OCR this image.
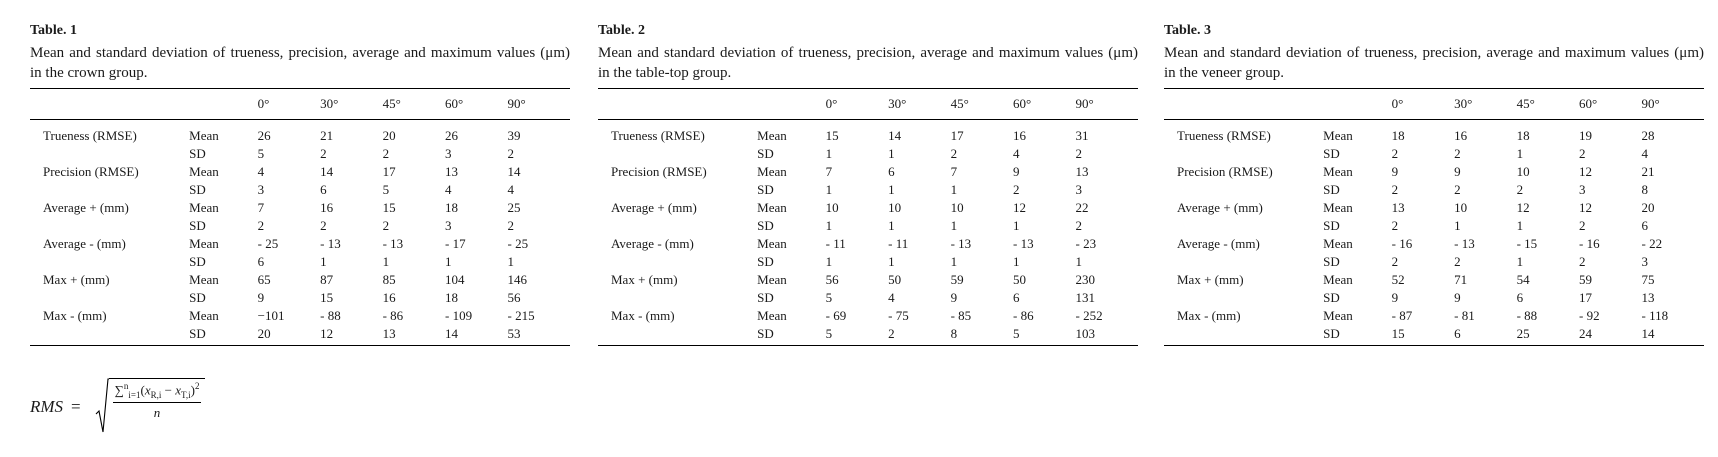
Table. 1
Mean and standard deviation of trueness, precision, average and maximum values (μm) in the crown group.
		0°	30°	45°	60°	90°
Trueness (RMSE)	Mean	26	21	20	26	39
	SD	5	2	2	3	2
Precision (RMSE)	Mean	4	14	17	13	14
	SD	3	6	5	4	4
Average + (mm)	Mean	7	16	15	18	25
	SD	2	2	2	3	2
Average - (mm)	Mean	- 25	- 13	- 13	- 17	- 25
	SD	6	1	1	1	1
Max + (mm)	Mean	65	87	85	104	146
	SD	9	15	16	18	56
Max - (mm)	Mean	−101	- 88	- 86	- 109	- 215
	SD	20	12	13	14	53
Table. 2
Mean and standard deviation of trueness, precision, average and maximum values (μm) in the table-top group.
		0°	30°	45°	60°	90°
Trueness (RMSE)	Mean	15	14	17	16	31
	SD	1	1	2	4	2
Precision (RMSE)	Mean	7	6	7	9	13
	SD	1	1	1	2	3
Average + (mm)	Mean	10	10	10	12	22
	SD	1	1	1	1	2
Average - (mm)	Mean	- 11	- 11	- 13	- 13	- 23
	SD	1	1	1	1	1
Max + (mm)	Mean	56	50	59	50	230
	SD	5	4	9	6	131
Max - (mm)	Mean	- 69	- 75	- 85	- 86	- 252
	SD	5	2	8	5	103
Table. 3
Mean and standard deviation of trueness, precision, average and maximum values (μm) in the veneer group.
		0°	30°	45°	60°	90°
Trueness (RMSE)	Mean	18	16	18	19	28
	SD	2	2	1	2	4
Precision (RMSE)	Mean	9	9	10	12	21
	SD	2	2	2	3	8
Average + (mm)	Mean	13	10	12	12	20
	SD	2	1	1	2	6
Average - (mm)	Mean	- 16	- 13	- 15	- 16	- 22
	SD	2	2	1	2	3
Max + (mm)	Mean	52	71	54	59	75
	SD	9	9	6	17	13
Max - (mm)	Mean	- 87	- 81	- 88	- 92	- 118
	SD	15	6	25	24	14
RMS = $\frac{\sum^n_{i=1}(x_{R,i} - x_{T,i})^2}{n}$
